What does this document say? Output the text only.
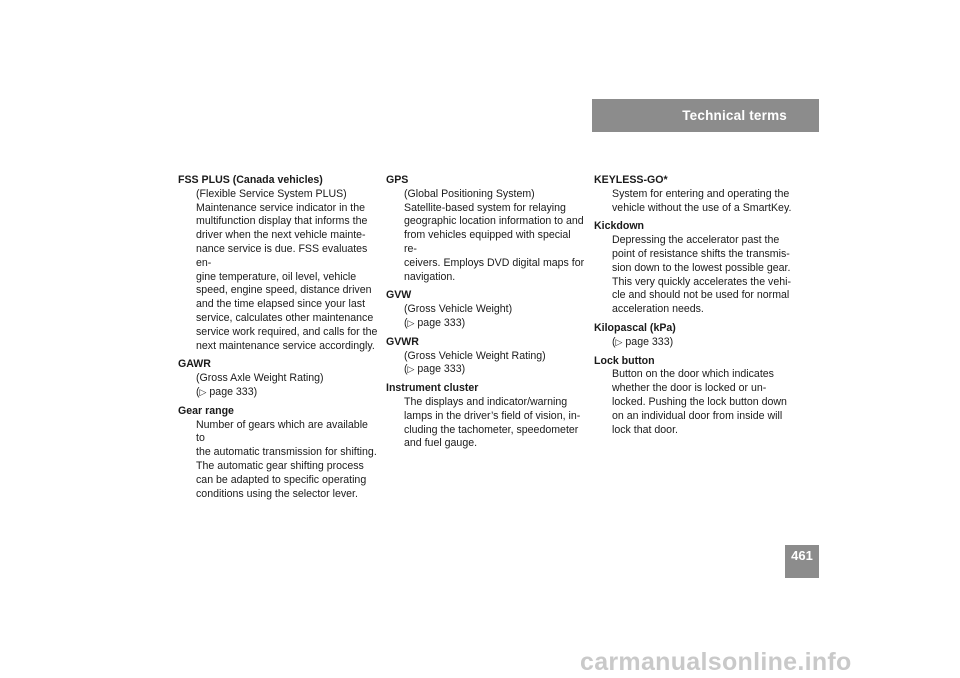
Technical terms
FSS PLUS (Canada vehicles)
(Flexible Service System PLUS)
Maintenance service indicator in the
multifunction display that informs the
driver when the next vehicle mainte-
nance service is due. FSS evaluates en-
gine temperature, oil level, vehicle
speed, engine speed, distance driven
and the time elapsed since your last
service, calculates other maintenance
service work required, and calls for the
next maintenance service accordingly.
GAWR
(Gross Axle Weight Rating)
(▷ page 333)
Gear range
Number of gears which are available to
the automatic transmission for shifting.
The automatic gear shifting process
can be adapted to specific operating
conditions using the selector lever.
GPS
(Global Positioning System)
Satellite-based system for relaying
geographic location information to and
from vehicles equipped with special re-
ceivers. Employs DVD digital maps for
navigation.
GVW
(Gross Vehicle Weight)
(▷ page 333)
GVWR
(Gross Vehicle Weight Rating)
(▷ page 333)
Instrument cluster
The displays and indicator/warning
lamps in the driver’s field of vision, in-
cluding the tachometer, speedometer
and fuel gauge.
KEYLESS-GO*
System for entering and operating the
vehicle without the use of a SmartKey.
Kickdown
Depressing the accelerator past the
point of resistance shifts the transmis-
sion down to the lowest possible gear.
This very quickly accelerates the vehi-
cle and should not be used for normal
acceleration needs.
Kilopascal (kPa)
(▷ page 333)
Lock button
Button on the door which indicates
whether the door is locked or un-
locked. Pushing the lock button down
on an individual door from inside will
lock that door.
461
carmanualsonline.info
